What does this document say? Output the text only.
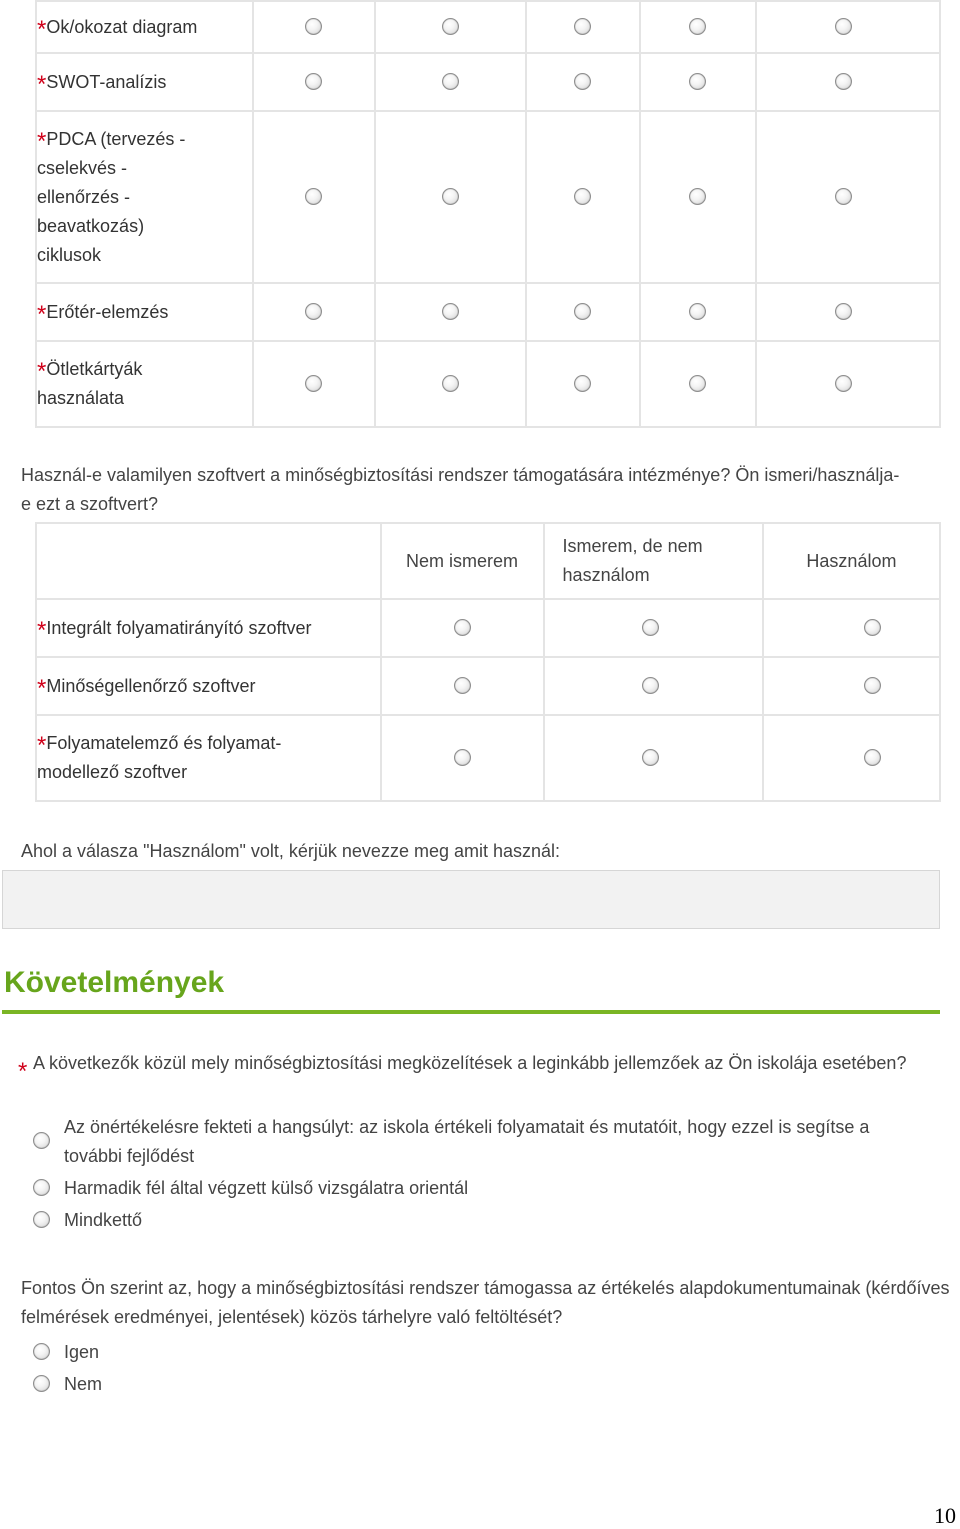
*Ok/okozat diagram					
*SWOT-analízis					
*PDCA (tervezés - cselekvés - ellenőrzés - beavatkozás) ciklusok					
*Erőtér-elemzés					
*Ötletkártyák használata					
Használ-e valamilyen szoftvert a minőségbiztosítási rendszer támogatására intézménye? Ön ismeri/használja-e ezt a szoftvert?
	Nem ismerem	Ismerem, de nem használom	Használom
*Integrált folyamatirányító szoftver			
*Minőségellenőrző szoftver			
*Folyamatelemző és folyamat-modellező szoftver			
Ahol a válasza "Használom" volt, kérjük nevezze meg amit használ:
Követelmények
* A következők közül mely minőségbiztosítási megközelítések a leginkább jellemzőek az Ön iskolája esetében?
Az önértékelésre fekteti a hangsúlyt: az iskola értékeli folyamatait és mutatóit, hogy ezzel is segítse a további fejlődést
Harmadik fél által végzett külső vizsgálatra orientál
Mindkettő
Fontos Ön szerint az, hogy a minőségbiztosítási rendszer támogassa az értékelés alapdokumentumainak (kérdőíves felmérések eredményei, jelentések) közös tárhelyre való feltöltését?
Igen
Nem
10
